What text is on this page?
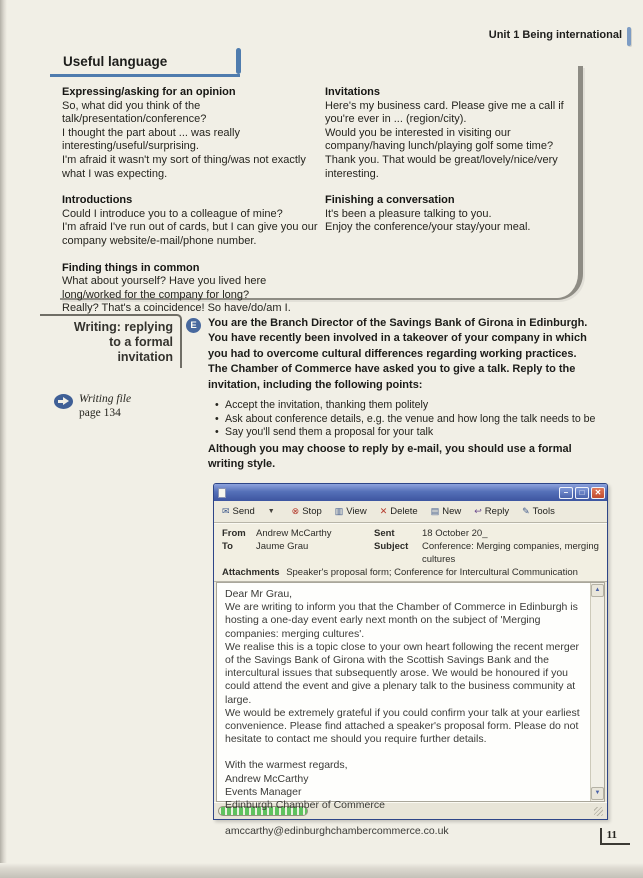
Unit 1 Being international
Useful language
Expressing/asking for an opinion

So, what did you think of the talk/presentation/conference?

I thought the part about ... was really interesting/useful/surprising.

I'm afraid it wasn't my sort of thing/was not exactly what I was expecting.

Introductions

Could I introduce you to a colleague of mine?

I'm afraid I've run out of cards, but I can give you our company website/e-mail/phone number.

Finding things in common

What about yourself? Have you lived here long/worked for the company for long?

Really? That's a coincidence! So have/do/am I.

Invitations

Here's my business card. Please give me a call if you're ever in ... (region/city).

Would you be interested in visiting our company/having lunch/playing golf some time?

Thank you. That would be great/lovely/nice/very interesting.

Finishing a conversation

It's been a pleasure talking to you.

Enjoy the conference/your stay/your meal.

Writing: replying
to a formal
invitation
E You are the Branch Director of the Savings Bank of Girona in Edinburgh. You have recently been involved in a takeover of your company in which you had to overcome cultural differences regarding working practices. The Chamber of Commerce have asked you to give a talk. Reply to the invitation, including the following points:
• Accept the invitation, thanking them politely
• Ask about conference details, e.g. the venue and how long the talk needs to be
• Say you'll send them a proposal for your talk
Writing file
page 134
Although you may choose to reply by e-mail, you should use a formal writing style.
–	□	✕
✉ Send ▼ ⊗ Stop ▥ View ✕ Delete ▤ New ↩ Reply ✎ Tools
From	Andrew McCarthy	Sent	18 October 20_
To	Jaume Grau	Subject	Conference: Merging companies, merging cultures
Attachments Speaker's proposal form; Conference for Intercultural Communication

Dear Mr Grau,

We are writing to inform you that the Chamber of Commerce in Edinburgh is hosting a one-day event early next month on the subject of 'Merging companies: merging cultures'.

We realise this is a topic close to your own heart following the recent merger of the Savings Bank of Girona with the Scottish Savings Bank and the intercultural issues that subsequently arose. We would be honoured if you could attend the event and give a plenary talk to the business community at large.

We would be extremely grateful if you could confirm your talk at your earliest convenience. Please find attached a speaker's proposal form. Please do not hesitate to contact me should you require further details.

With the warmest regards,

Andrew McCarthy

Events Manager

Edinburgh Chamber of Commerce

amccarthy@edinburghchambercommerce.co.uk

▲
▼
11
